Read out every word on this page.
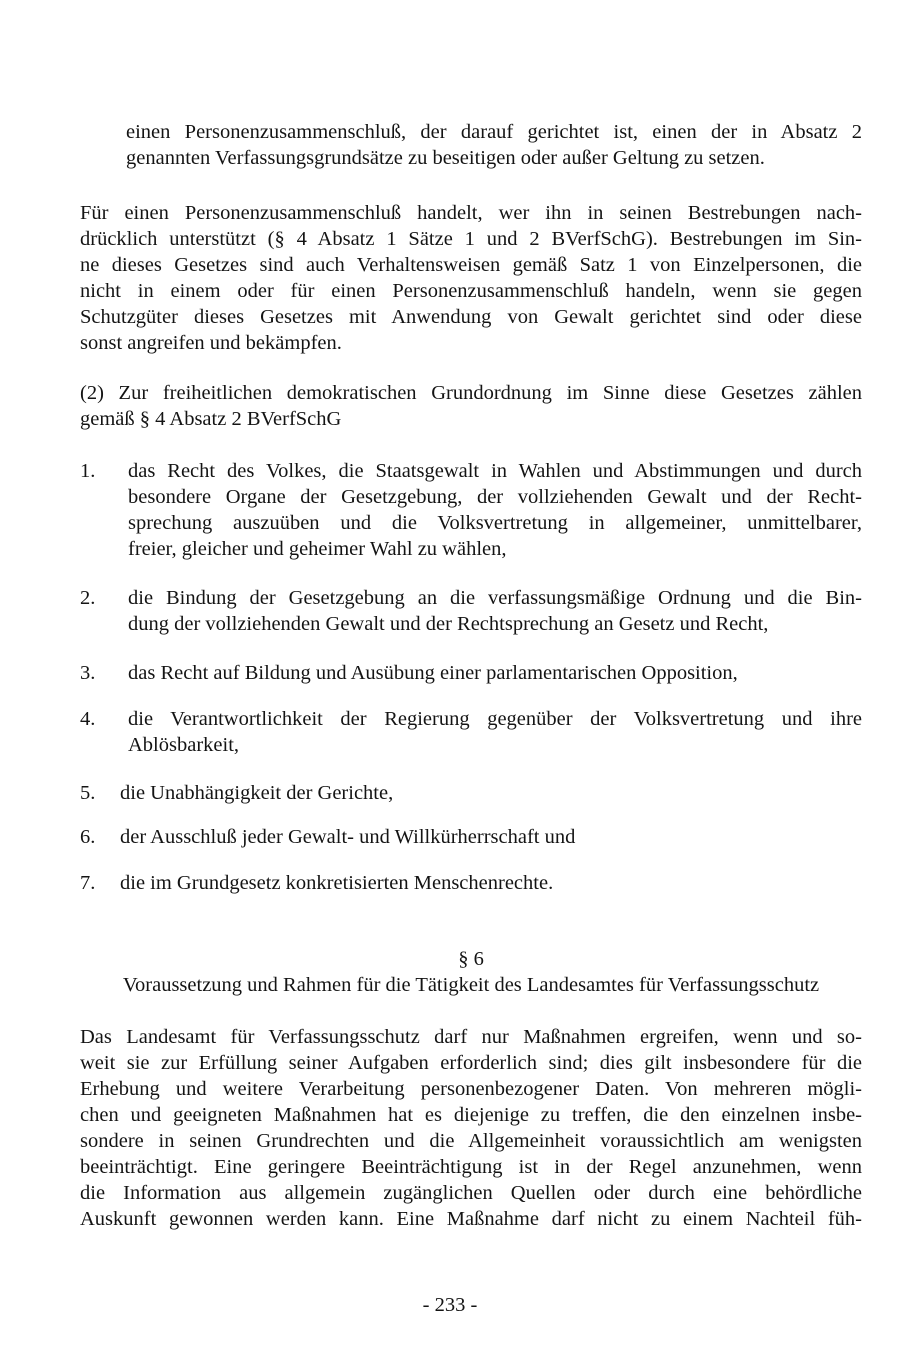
einen Personenzusammenschluß, der darauf gerichtet ist, einen der in Absatz 2
genannten Verfassungsgrundsätze zu beseitigen oder außer Geltung zu setzen.
Für einen Personenzusammenschluß handelt, wer ihn in seinen Bestrebungen nach-
drücklich unterstützt (§ 4 Absatz 1 Sätze 1 und 2 BVerfSchG). Bestrebungen im Sin-
ne dieses Gesetzes sind auch Verhaltensweisen gemäß Satz 1 von Einzelpersonen, die
nicht in einem oder für einen Personenzusammenschluß handeln, wenn sie gegen
Schutzgüter dieses Gesetzes mit Anwendung von Gewalt gerichtet sind oder diese
sonst angreifen und bekämpfen.
(2) Zur freiheitlichen demokratischen Grundordnung im Sinne diese Gesetzes zählen
gemäß § 4 Absatz 2 BVerfSchG
1.	das Recht des Volkes, die Staatsgewalt in Wahlen und Abstimmungen und durch
besondere Organe der Gesetzgebung, der vollziehenden Gewalt und der Recht-
sprechung auszuüben und die Volksvertretung in allgemeiner, unmittelbarer,
freier, gleicher und geheimer Wahl zu wählen,
2.	die Bindung der Gesetzgebung an die verfassungsmäßige Ordnung und die Bin-
dung der vollziehenden Gewalt und der Rechtsprechung an Gesetz und Recht,
3.	das Recht auf Bildung und Ausübung einer parlamentarischen Opposition,
4.	die Verantwortlichkeit der Regierung gegenüber der Volksvertretung und ihre
Ablösbarkeit,
5.	die Unabhängigkeit der Gerichte,
6.	der Ausschluß jeder Gewalt- und Willkürherrschaft und
7.	die im Grundgesetz konkretisierten Menschenrechte.
§ 6
Voraussetzung und Rahmen für die Tätigkeit des Landesamtes für Verfassungsschutz
Das Landesamt für Verfassungsschutz darf nur Maßnahmen ergreifen, wenn und so-
weit sie zur Erfüllung seiner Aufgaben erforderlich sind; dies gilt insbesondere für die
Erhebung und weitere Verarbeitung personenbezogener Daten. Von mehreren mögli-
chen und geeigneten Maßnahmen hat es diejenige zu treffen, die den einzelnen insbe-
sondere in seinen Grundrechten und die Allgemeinheit voraussichtlich am wenigsten
beeinträchtigt. Eine geringere Beeinträchtigung ist in der Regel anzunehmen, wenn
die Information aus allgemein zugänglichen Quellen oder durch eine behördliche
Auskunft gewonnen werden kann. Eine Maßnahme darf nicht zu einem Nachteil füh-
- 233 -
